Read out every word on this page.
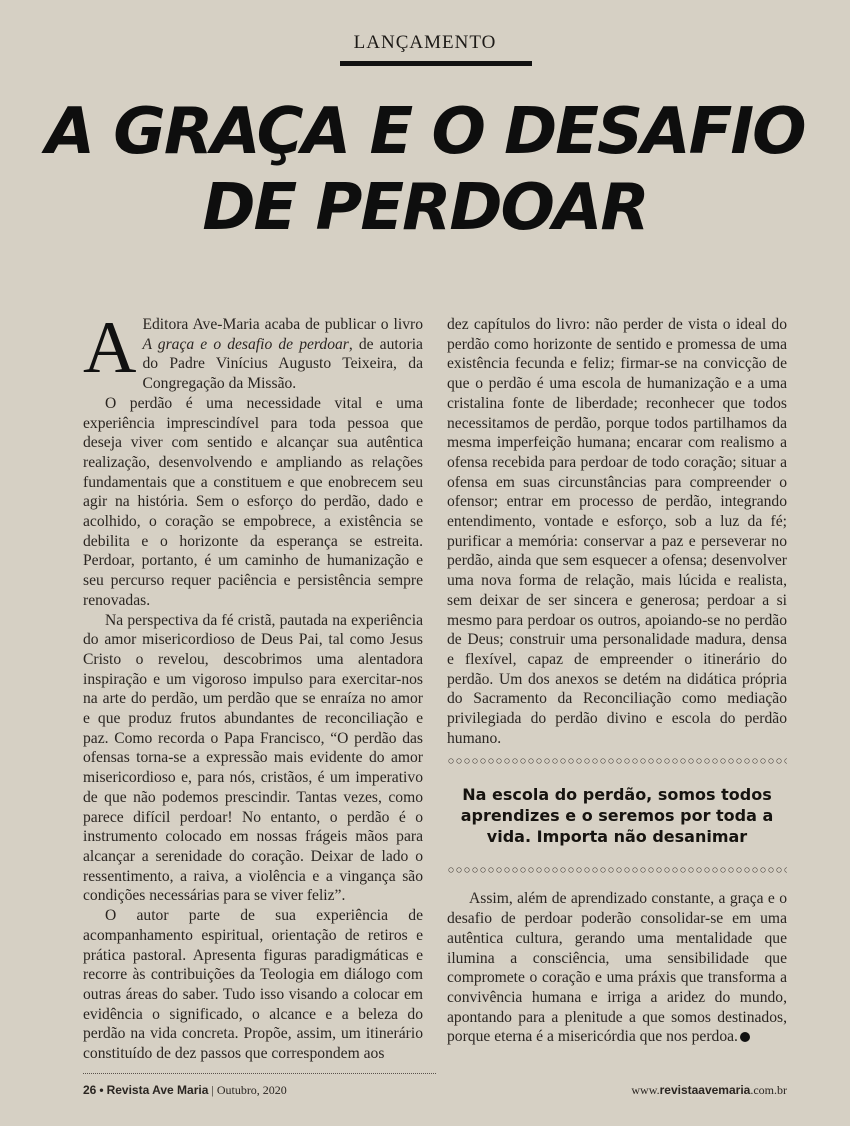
LANÇAMENTO
A GRAÇA E O DESAFIO
DE PERDOAR

A Editora Ave-Maria acaba de publicar o livro A graça e o desafio de perdoar, de autoria do Padre Vinícius Augusto Teixeira, da Congregação da Missão.

O perdão é uma necessidade vital e uma experiência imprescindível para toda pessoa que deseja viver com sentido e alcançar sua autêntica realização, desenvolvendo e ampliando as relações fundamentais que a constituem e que enobrecem seu agir na história. Sem o esforço do perdão, dado e acolhido, o coração se empobrece, a existência se debilita e o horizonte da esperança se estreita. Perdoar, portanto, é um caminho de humanização e seu percurso requer paciência e persistência sempre renovadas.

Na perspectiva da fé cristã, pautada na experiência do amor misericordioso de Deus Pai, tal como Jesus Cristo o revelou, descobrimos uma alentadora inspiração e um vigoroso impulso para exercitar-nos na arte do perdão, um perdão que se enraíza no amor e que produz frutos abundantes de reconciliação e paz. Como recorda o Papa Francisco, “O perdão das ofensas torna-se a expressão mais evidente do amor misericordioso e, para nós, cristãos, é um imperativo de que não podemos prescindir. Tantas vezes, como parece difícil perdoar! No entanto, o perdão é o instrumento colocado em nossas frágeis mãos para alcançar a serenidade do coração. Deixar de lado o ressentimento, a raiva, a violência e a vingança são condições necessárias para se viver feliz”.

O autor parte de sua experiência de acompanhamento espiritual, orientação de retiros e prática pastoral. Apresenta figuras paradigmáticas e recorre às contribuições da Teologia em diálogo com outras áreas do saber. Tudo isso visando a colocar em evidência o significado, o alcance e a beleza do perdão na vida concreta. Propõe, assim, um itinerário constituído de dez passos que correspondem aos

dez capítulos do livro: não perder de vista o ideal do perdão como horizonte de sentido e promessa de uma existência fecunda e feliz; firmar-se na convicção de que o perdão é uma escola de humanização e a uma cristalina fonte de liberdade; reconhecer que todos necessitamos de perdão, porque todos partilhamos da mesma imperfeição humana; encarar com realismo a ofensa recebida para perdoar de todo coração; situar a ofensa em suas circunstâncias para compreender o ofensor; entrar em processo de perdão, integrando entendimento, vontade e esforço, sob a luz da fé; purificar a memória: conservar a paz e perseverar no perdão, ainda que sem esquecer a ofensa; desenvolver uma nova forma de relação, mais lúcida e realista, sem deixar de ser sincera e generosa; perdoar a si mesmo para perdoar os outros, apoiando-se no perdão de Deus; construir uma personalidade madura, densa e flexível, capaz de empreender o itinerário do perdão. Um dos anexos se detém na didática própria do Sacramento da Reconciliação como mediação privilegiada do perdão divino e escola do perdão humano.

Na escola do perdão, somos todos aprendizes e o seremos por toda a vida. Importa não desanimar

Assim, além de aprendizado constante, a graça e o desafio de perdoar poderão consolidar-se em uma autêntica cultura, gerando uma mentalidade que ilumina a consciência, uma sensibilidade que compromete o coração e uma práxis que transforma a convivência humana e irriga a aridez do mundo, apontando para a plenitude a que somos destinados, porque eterna é a misericórdia que nos perdoa.

26 • Revista Ave Maria | Outubro, 2020	www.revistaavemaria.com.br
